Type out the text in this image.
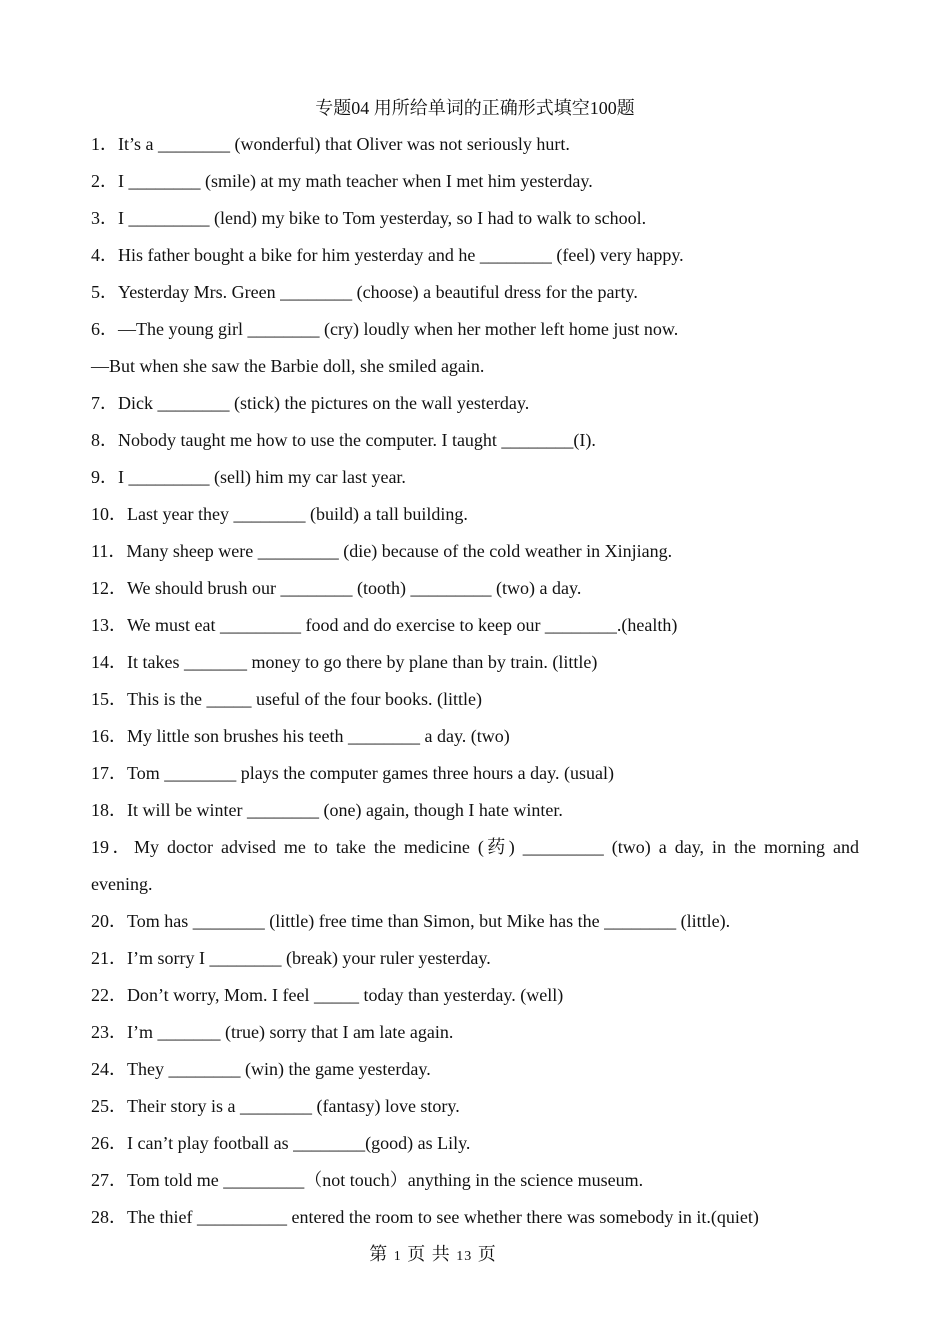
专题04 用所给单词的正确形式填空100题
1．It’s a ________ (wonderful) that Oliver was not seriously hurt.
2．I ________ (smile) at my math teacher when I met him yesterday.
3．I _________ (lend) my bike to Tom yesterday, so I had to walk to school.
4．His father bought a bike for him yesterday and he ________ (feel) very happy.
5．Yesterday Mrs. Green ________ (choose) a beautiful dress for the party.
6．—The young girl ________ (cry) loudly when her mother left home just now.
—But when she saw the Barbie doll, she smiled again.
7．Dick ________ (stick) the pictures on the wall yesterday.
8．Nobody taught me how to use the computer. I taught ________(I).
9．I _________ (sell) him my car last year.
10．Last year they ________ (build) a tall building.
11．Many sheep were _________ (die) because of the cold weather in Xinjiang.
12．We should brush our ________ (tooth) _________ (two) a day.
13．We must eat _________ food and do exercise to keep our ________.(health)
14．It takes _______ money to go there by plane than by train. (little)
15．This is the _____ useful of the four books. (little)
16．My little son brushes his teeth ________ a day. (two)
17．Tom ________ plays the computer games three hours a day. (usual)
18．It will be winter ________ (one) again, though I hate winter.
19．My doctor advised me to take the medicine (药) _________ (two) a day, in the morning and
evening.
20．Tom has ________ (little) free time than Simon, but Mike has the ________ (little).
21．I’m sorry I ________ (break) your ruler yesterday.
22．Don’t worry, Mom. I feel _____ today than yesterday. (well)
23．I’m _______ (true) sorry that I am late again.
24．They ________ (win) the game yesterday.
25．Their story is a ________ (fantasy) love story.
26．I can’t play football as ________(good) as Lily.
27．Tom told me _________（not touch）anything in the science museum.
28．The thief __________ entered the room to see whether there was somebody in it.(quiet)
第 1 页 共 13 页
